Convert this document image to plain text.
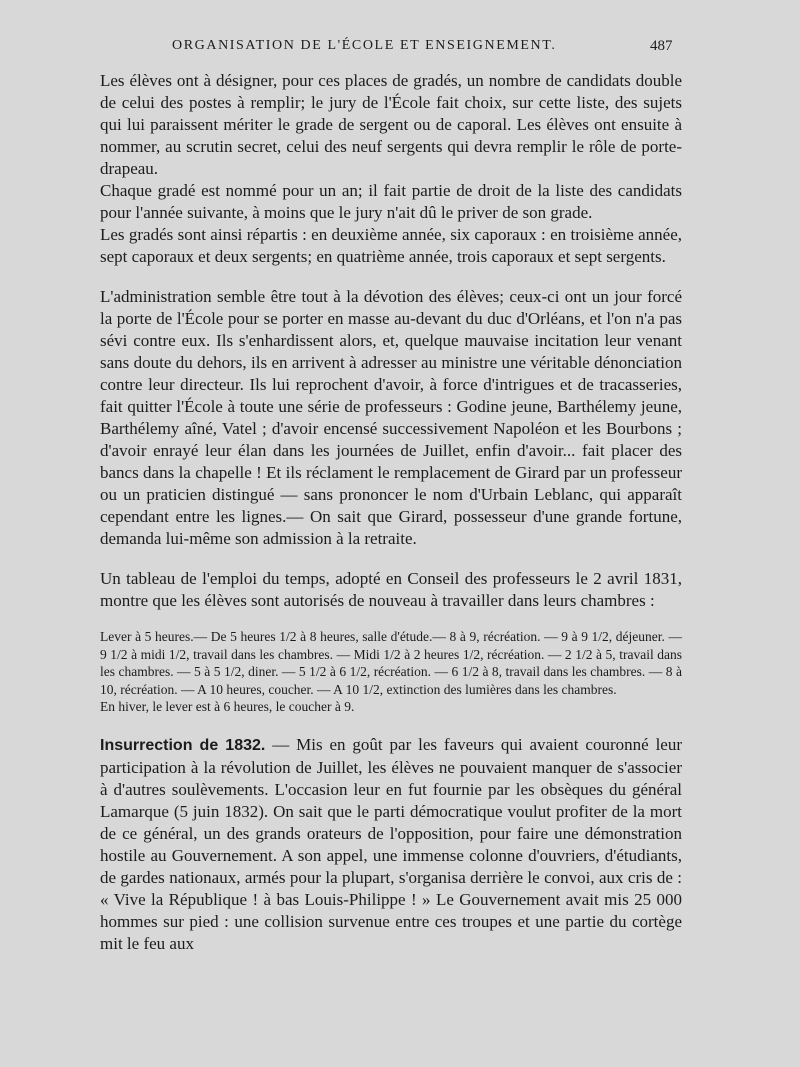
ORGANISATION DE L'ÉCOLE ET ENSEIGNEMENT.	487

Les élèves ont à désigner, pour ces places de gradés, un nombre de candidats double de celui des postes à remplir; le jury de l'École fait choix, sur cette liste, des sujets qui lui paraissent mériter le grade de sergent ou de caporal. Les élèves ont ensuite à nommer, au scrutin secret, celui des neuf sergents qui devra remplir le rôle de porte-drapeau.

Chaque gradé est nommé pour un an; il fait partie de droit de la liste des candidats pour l'année suivante, à moins que le jury n'ait dû le priver de son grade.

Les gradés sont ainsi répartis : en deuxième année, six caporaux : en troisième année, sept caporaux et deux sergents; en quatrième année, trois caporaux et sept sergents.

L'administration semble être tout à la dévotion des élèves; ceux-ci ont un jour forcé la porte de l'École pour se porter en masse au-devant du duc d'Orléans, et l'on n'a pas sévi contre eux. Ils s'enhardissent alors, et, quelque mauvaise incitation leur venant sans doute du dehors, ils en arrivent à adresser au ministre une véritable dénonciation contre leur directeur. Ils lui reprochent d'avoir, à force d'intrigues et de tracasseries, fait quitter l'École à toute une série de professeurs : Godine jeune, Barthélemy jeune, Barthélemy aîné, Vatel ; d'avoir encensé successivement Napoléon et les Bourbons ; d'avoir enrayé leur élan dans les journées de Juillet, enfin d'avoir... fait placer des bancs dans la chapelle ! Et ils réclament le remplacement de Girard par un professeur ou un praticien distingué — sans prononcer le nom d'Urbain Leblanc, qui apparaît cependant entre les lignes.— On sait que Girard, possesseur d'une grande fortune, demanda lui-même son admission à la retraite.

Un tableau de l'emploi du temps, adopté en Conseil des professeurs le 2 avril 1831, montre que les élèves sont autorisés de nouveau à travailler dans leurs chambres :

Lever à 5 heures.— De 5 heures 1/2 à 8 heures, salle d'étude.— 8 à 9, récréation. — 9 à 9 1/2, déjeuner. — 9 1/2 à midi 1/2, travail dans les chambres. — Midi 1/2 à 2 heures 1/2, récréation. — 2 1/2 à 5, travail dans les chambres. — 5 à 5 1/2, diner. — 5 1/2 à 6 1/2, récréation. — 6 1/2 à 8, travail dans les chambres. — 8 à 10, récréation. — A 10 heures, coucher. — A 10 1/2, extinction des lumières dans les chambres.

En hiver, le lever est à 6 heures, le coucher à 9.

Insurrection de 1832. — Mis en goût par les faveurs qui avaient couronné leur participation à la révolution de Juillet, les élèves ne pouvaient manquer de s'associer à d'autres soulèvements. L'occasion leur en fut fournie par les obsèques du général Lamarque (5 juin 1832). On sait que le parti démocratique voulut profiter de la mort de ce général, un des grands orateurs de l'opposition, pour faire une démonstration hostile au Gouvernement. A son appel, une immense colonne d'ouvriers, d'étudiants, de gardes nationaux, armés pour la plupart, s'organisa derrière le convoi, aux cris de : « Vive la République ! à bas Louis-Philippe ! » Le Gouvernement avait mis 25 000 hommes sur pied : une collision survenue entre ces troupes et une partie du cortège mit le feu aux
